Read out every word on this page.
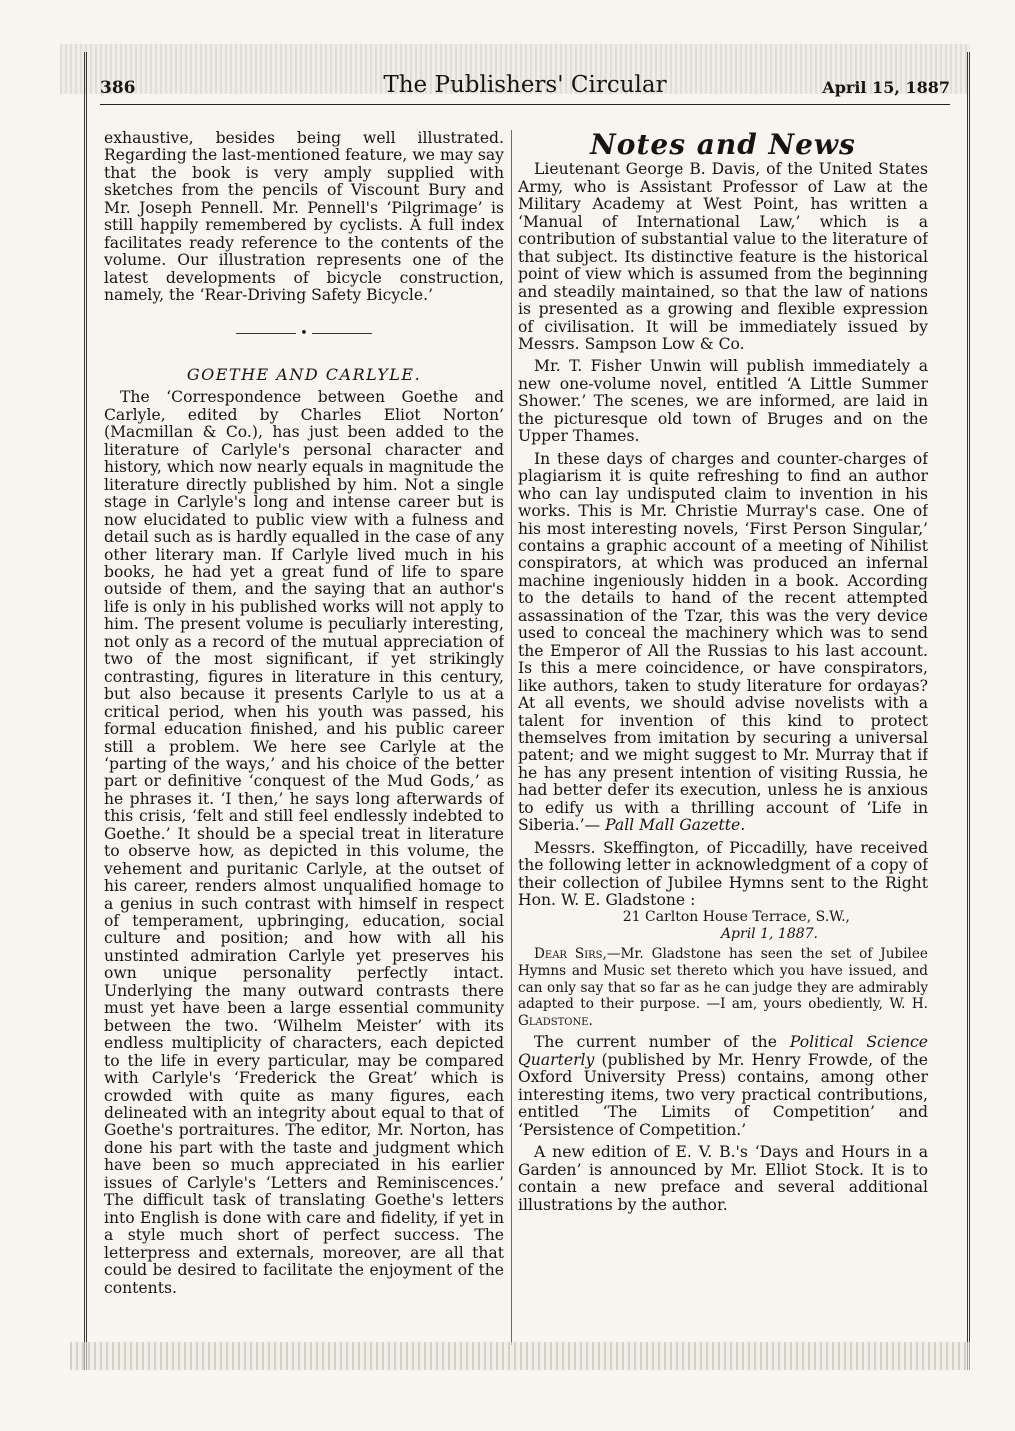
386	The Publishers' Circular	April 15, 1887

exhaustive, besides being well illustrated. Regarding the last-mentioned feature, we may say that the book is very amply supplied with sketches from the pencils of Viscount Bury and Mr. Joseph Pennell. Mr. Pennell's ‘Pilgrimage’ is still happily remembered by cyclists. A full index facilitates ready reference to the contents of the volume. Our illustration represents one of the latest developments of bicycle construction, namely, the ‘Rear-Driving Safety Bicycle.’

•
GOETHE AND CARLYLE.

The ‘Correspondence between Goethe and Carlyle, edited by Charles Eliot Norton’ (Macmillan & Co.), has just been added to the literature of Carlyle's personal character and history, which now nearly equals in magnitude the literature directly published by him. Not a single stage in Carlyle's long and intense career but is now elucidated to public view with a fulness and detail such as is hardly equalled in the case of any other literary man. If Carlyle lived much in his books, he had yet a great fund of life to spare outside of them, and the saying that an author's life is only in his published works will not apply to him. The present volume is peculiarly interesting, not only as a record of the mutual appreciation of two of the most significant, if yet strikingly contrasting, figures in literature in this century, but also because it presents Carlyle to us at a critical period, when his youth was passed, his formal education finished, and his public career still a problem. We here see Carlyle at the ‘parting of the ways,’ and his choice of the better part or definitive ‘conquest of the Mud Gods,’ as he phrases it. ‘I then,’ he says long afterwards of this crisis, ‘felt and still feel endlessly indebted to Goethe.’ It should be a special treat in literature to observe how, as depicted in this volume, the vehement and puritanic Carlyle, at the outset of his career, renders almost unqualified homage to a genius in such contrast with himself in respect of temperament, upbringing, education, social culture and position; and how with all his unstinted admiration Carlyle yet preserves his own unique personality perfectly intact. Underlying the many outward contrasts there must yet have been a large essential community between the two. ‘Wilhelm Meister’ with its endless multiplicity of characters, each depicted to the life in every particular, may be compared with Carlyle's ‘Frederick the Great’ which is crowded with quite as many figures, each delineated with an integrity about equal to that of Goethe's portraitures. The editor, Mr. Norton, has done his part with the taste and judgment which have been so much appreciated in his earlier issues of Carlyle's ‘Letters and Reminiscences.’ The difficult task of translating Goethe's letters into English is done with care and fidelity, if yet in a style much short of perfect success. The letterpress and externals, moreover, are all that could be desired to facilitate the enjoyment of the contents.

Notes and News

Lieutenant George B. Davis, of the United States Army, who is Assistant Professor of Law at the Military Academy at West Point, has written a ‘Manual of International Law,’ which is a contribution of substantial value to the literature of that subject. Its distinctive feature is the historical point of view which is assumed from the beginning and steadily maintained, so that the law of nations is presented as a growing and flexible expression of civilisation. It will be immediately issued by Messrs. Sampson Low & Co.

Mr. T. Fisher Unwin will publish immediately a new one-volume novel, entitled ‘A Little Summer Shower.’ The scenes, we are informed, are laid in the picturesque old town of Bruges and on the Upper Thames.

In these days of charges and counter-charges of plagiarism it is quite refreshing to find an author who can lay undisputed claim to invention in his works. This is Mr. Christie Murray's case. One of his most interesting novels, ‘First Person Singular,’ contains a graphic account of a meeting of Nihilist conspirators, at which was produced an infernal machine ingeniously hidden in a book. According to the details to hand of the recent attempted assassination of the Tzar, this was the very device used to conceal the machinery which was to send the Emperor of All the Russias to his last account. Is this a mere coincidence, or have conspirators, like authors, taken to study literature for ordayas? At all events, we should advise novelists with a talent for invention of this kind to protect themselves from imitation by securing a universal patent; and we might suggest to Mr. Murray that if he has any present intention of visiting Russia, he had better defer its execution, unless he is anxious to edify us with a thrilling account of ‘Life in Siberia.’— Pall Mall Gazette.

Messrs. Skeffington, of Piccadilly, have received the following letter in acknowledgment of a copy of their collection of Jubilee Hymns sent to the Right Hon. W. E. Gladstone :

21 Carlton House Terrace, S.W.,
April 1, 1887.

Dear Sirs,—Mr. Gladstone has seen the set of Jubilee Hymns and Music set thereto which you have issued, and can only say that so far as he can judge they are admirably adapted to their purpose. —I am, yours obediently, W. H. Gladstone.

The current number of the Political Science Quarterly (published by Mr. Henry Frowde, of the Oxford University Press) contains, among other interesting items, two very practical contributions, entitled ‘The Limits of Competition’ and ‘Persistence of Competition.’

A new edition of E. V. B.'s ‘Days and Hours in a Garden’ is announced by Mr. Elliot Stock. It is to contain a new preface and several additional illustrations by the author.
